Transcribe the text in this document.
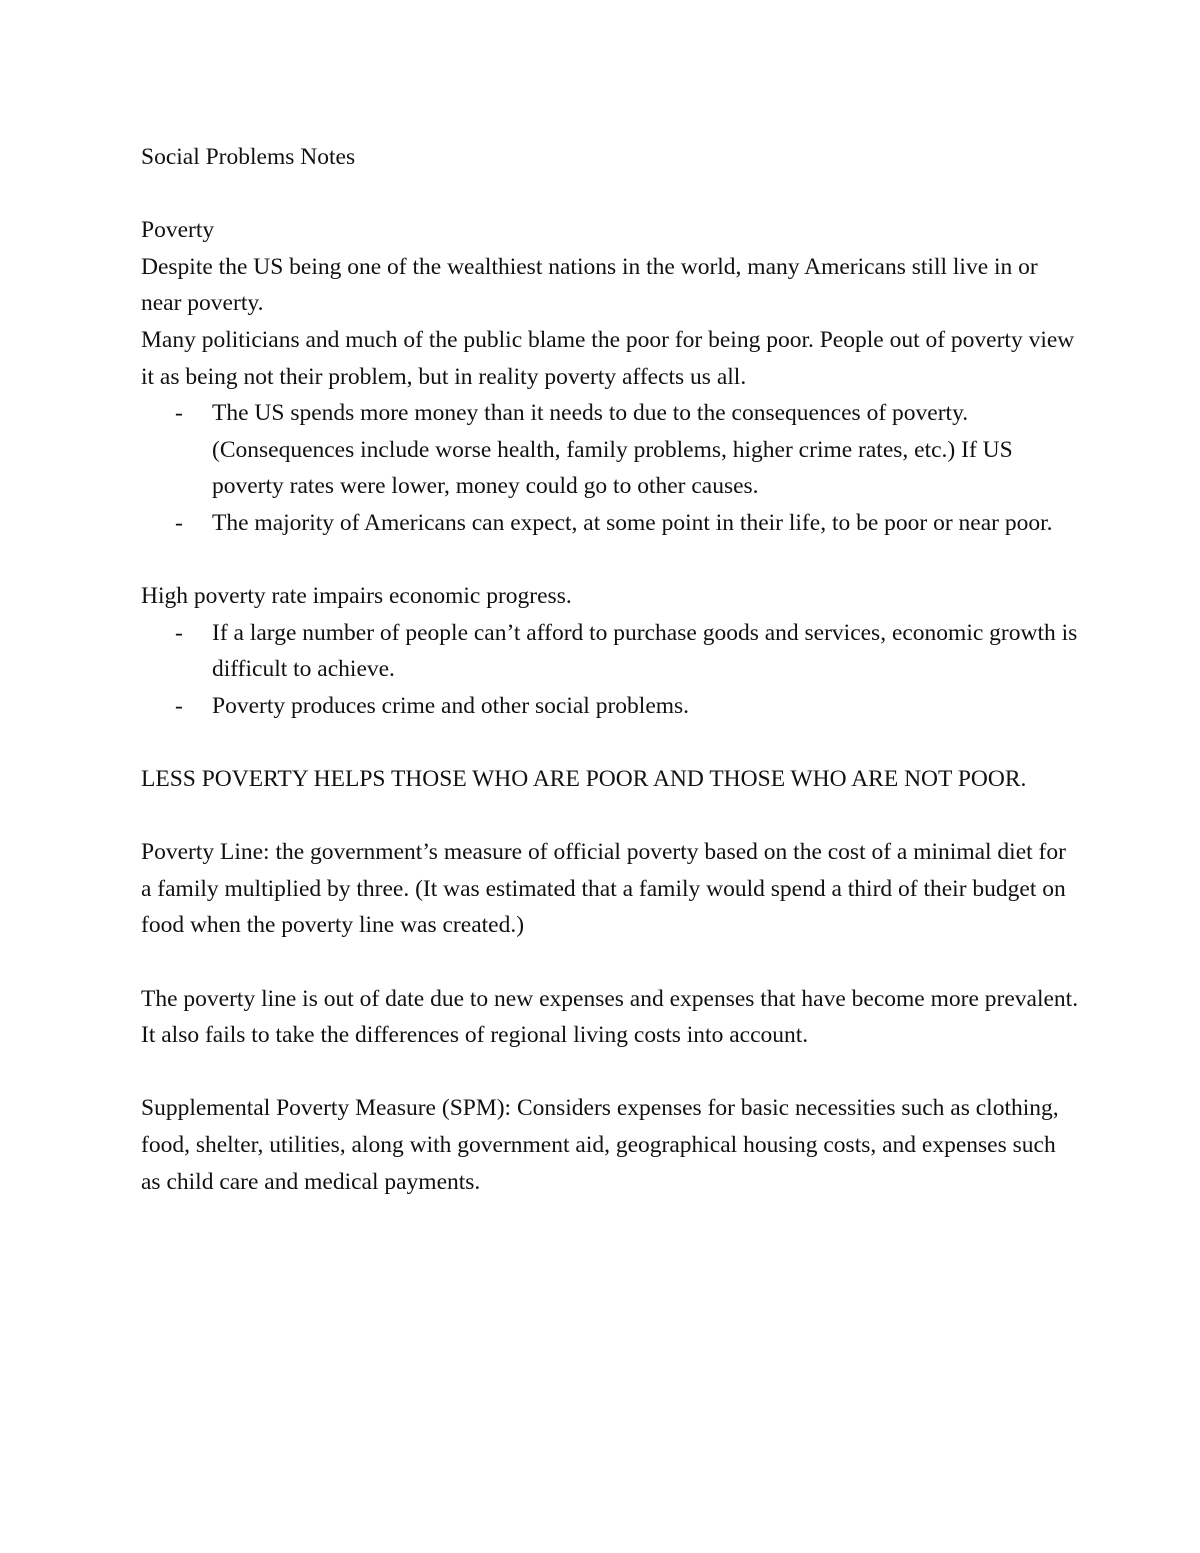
Social Problems Notes

Poverty

Despite the US being one of the wealthiest nations in the world, many Americans still live in or near poverty.

Many politicians and much of the public blame the poor for being poor. People out of poverty view it as being not their problem, but in reality poverty affects us all.

- The US spends more money than it needs to due to the consequences of poverty. (Consequences include worse health, family problems, higher crime rates, etc.) If US poverty rates were lower, money could go to other causes.
- The majority of Americans can expect, at some point in their life, to be poor or near poor.

High poverty rate impairs economic progress.

- If a large number of people can’t afford to purchase goods and services, economic growth is difficult to achieve.
- Poverty produces crime and other social problems.

LESS POVERTY HELPS THOSE WHO ARE POOR AND THOSE WHO ARE NOT POOR.

Poverty Line: the government’s measure of official poverty based on the cost of a minimal diet for a family multiplied by three. (It was estimated that a family would spend a third of their budget on food when the poverty line was created.)

The poverty line is out of date due to new expenses and expenses that have become more prevalent. It also fails to take the differences of regional living costs into account.

Supplemental Poverty Measure (SPM): Considers expenses for basic necessities such as clothing, food, shelter, utilities, along with government aid, geographical housing costs, and expenses such as child care and medical payments.
